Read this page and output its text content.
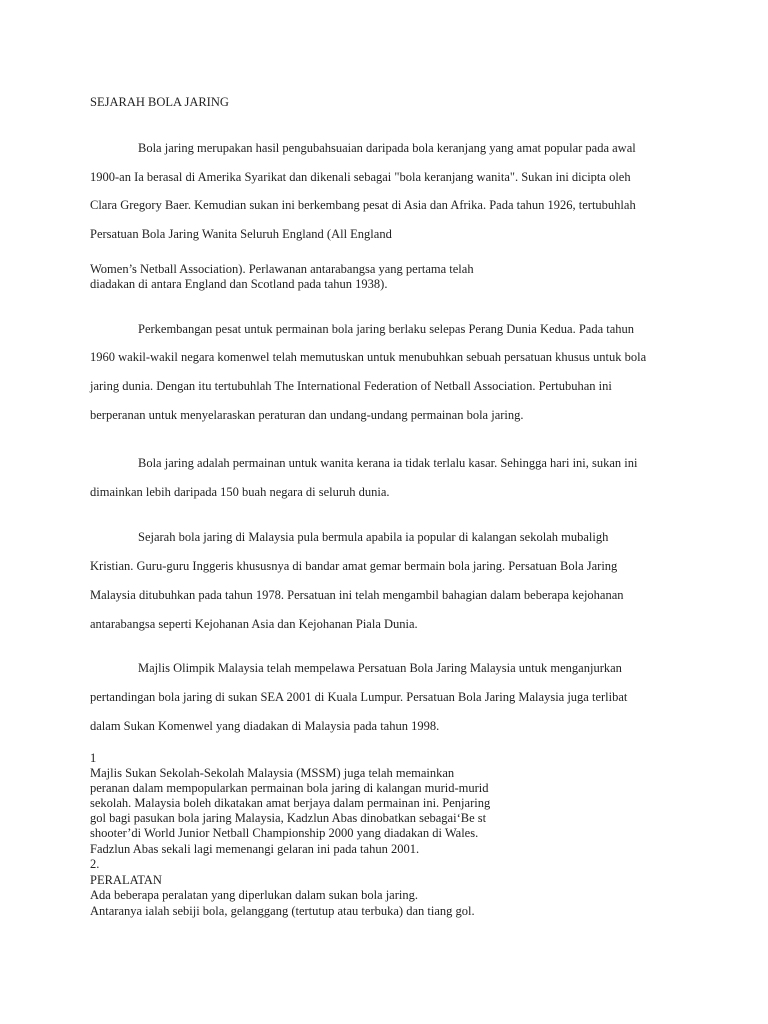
SEJARAH BOLA JARING
Bola jaring merupakan hasil pengubahsuaian daripada bola keranjang yang amat popular pada awal
1900-an Ia berasal di Amerika Syarikat dan dikenali sebagai "bola keranjang wanita". Sukan ini dicipta oleh
Clara Gregory Baer. Kemudian sukan ini berkembang pesat di Asia dan Afrika. Pada tahun 1926, tertubuhlah
Persatuan Bola Jaring Wanita Seluruh England (All England
Women’s Netball Association). Perlawanan antarabangsa yang pertama telah
diadakan di antara England dan Scotland pada tahun 1938).
Perkembangan pesat untuk permainan bola jaring berlaku selepas Perang Dunia Kedua. Pada tahun
1960 wakil-wakil negara komenwel telah memutuskan untuk menubuhkan sebuah persatuan khusus untuk bola
jaring dunia. Dengan itu tertubuhlah The International Federation of Netball Association. Pertubuhan ini
berperanan untuk menyelaraskan peraturan dan undang-undang permainan bola jaring.
Bola jaring adalah permainan untuk wanita kerana ia tidak terlalu kasar. Sehingga hari ini, sukan ini
dimainkan lebih daripada 150 buah negara di seluruh dunia.
Sejarah bola jaring di Malaysia pula bermula apabila ia popular di kalangan sekolah mubaligh
Kristian. Guru-guru Inggeris khususnya di bandar amat gemar bermain bola jaring. Persatuan Bola Jaring
Malaysia ditubuhkan pada tahun 1978. Persatuan ini telah mengambil bahagian dalam beberapa kejohanan
antarabangsa seperti Kejohanan Asia dan Kejohanan Piala Dunia.
Majlis Olimpik Malaysia telah mempelawa Persatuan Bola Jaring Malaysia untuk menganjurkan
pertandingan bola jaring di sukan SEA 2001 di Kuala Lumpur. Persatuan Bola Jaring Malaysia juga terlibat
dalam Sukan Komenwel yang diadakan di Malaysia pada tahun 1998.
1
Majlis Sukan Sekolah-Sekolah Malaysia (MSSM) juga telah memainkan
peranan dalam mempopularkan permainan bola jaring di kalangan murid-murid
sekolah. Malaysia boleh dikatakan amat berjaya dalam permainan ini. Penjaring
gol bagi pasukan bola jaring Malaysia, Kadzlun Abas dinobatkan sebagai‘Be st
shooter’di World Junior Netball Championship 2000 yang diadakan di Wales.
Fadzlun Abas sekali lagi memenangi gelaran ini pada tahun 2001.
2.
PERALATAN
Ada beberapa peralatan yang diperlukan dalam sukan bola jaring.
Antaranya ialah sebiji bola, gelanggang (tertutup atau terbuka) dan tiang gol.
